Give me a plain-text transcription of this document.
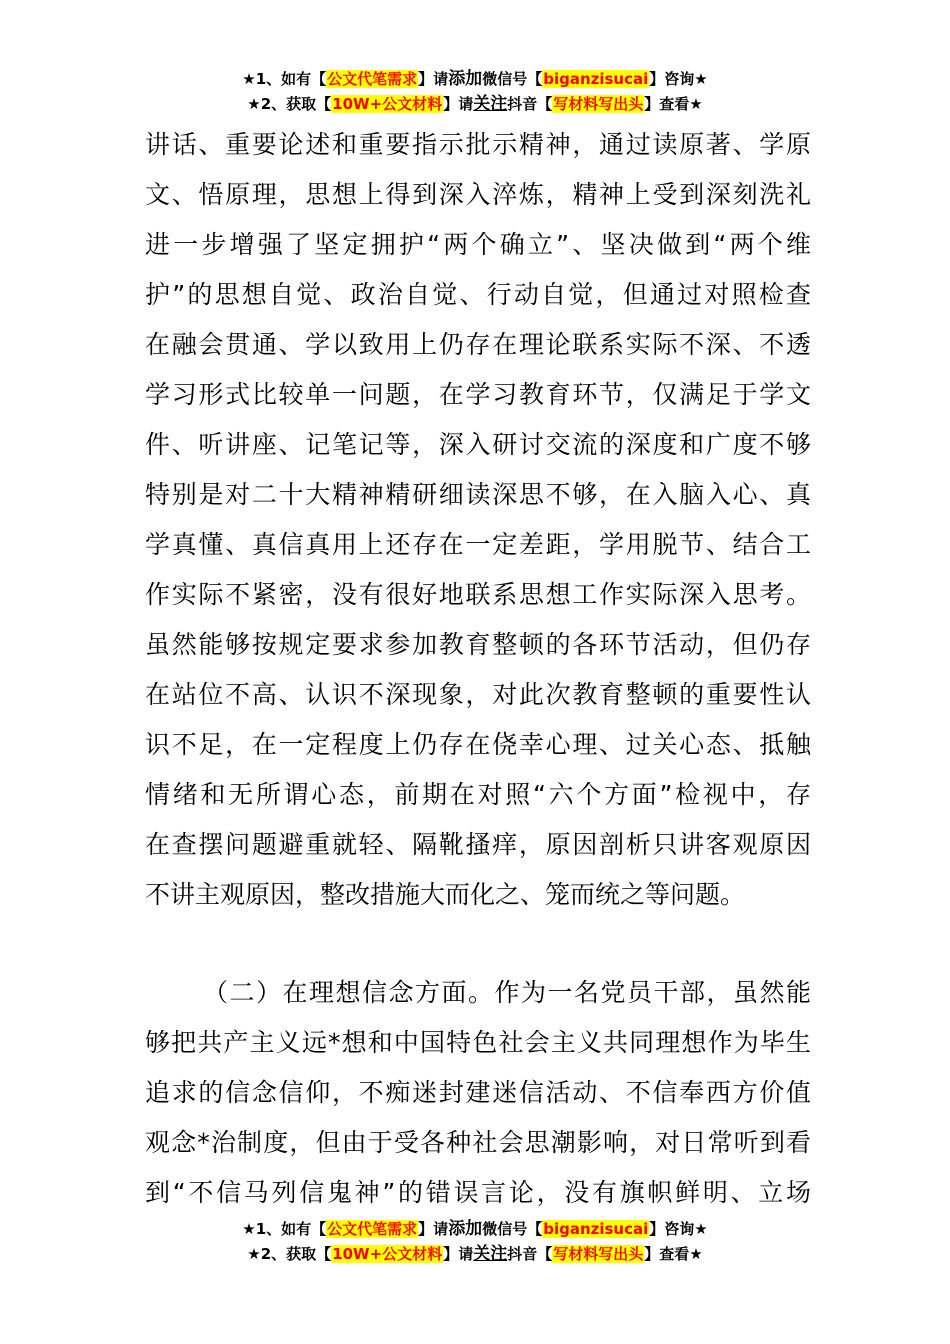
★1、如有【公文代笔需求】请添加微信号【biganzisucai】咨询★
★2、获取【10W+公文材料】请关注抖音【写材料写出头】查看★
讲话、重要论述和重要指示批示精神，通过读原著、学原
文、悟原理，思想上得到深入淬炼，精神上受到深刻洗礼
进一步增强了坚定拥护“两个确立”、坚决做到“两个维
护”的思想自觉、政治自觉、行动自觉，但通过对照检查
在融会贯通、学以致用上仍存在理论联系实际不深、不透
学习形式比较单一问题，在学习教育环节，仅满足于学文
件、听讲座、记笔记等，深入研讨交流的深度和广度不够
特别是对二十大精神精研细读深思不够，在入脑入心、真
学真懂、真信真用上还存在一定差距，学用脱节、结合工
作实际不紧密，没有很好地联系思想工作实际深入思考。
虽然能够按规定要求参加教育整顿的各环节活动，但仍存
在站位不高、认识不深现象，对此次教育整顿的重要性认
识不足，在一定程度上仍存在侥幸心理、过关心态、抵触
情绪和无所谓心态，前期在对照“六个方面”检视中，存
在查摆问题避重就轻、隔靴搔痒，原因剖析只讲客观原因
不讲主观原因，整改措施大而化之、笼而统之等问题。
（二）在理想信念方面。作为一名党员干部，虽然能
够把共产主义远*想和中国特色社会主义共同理想作为毕生
追求的信念信仰，不痴迷封建迷信活动、不信奉西方价值
观念*治制度，但由于受各种社会思潮影响，对日常听到看
到“不信马列信鬼神”的错误言论，没有旗帜鲜明、立场
★1、如有【公文代笔需求】请添加微信号【biganzisucai】咨询★
★2、获取【10W+公文材料】请关注抖音【写材料写出头】查看★
